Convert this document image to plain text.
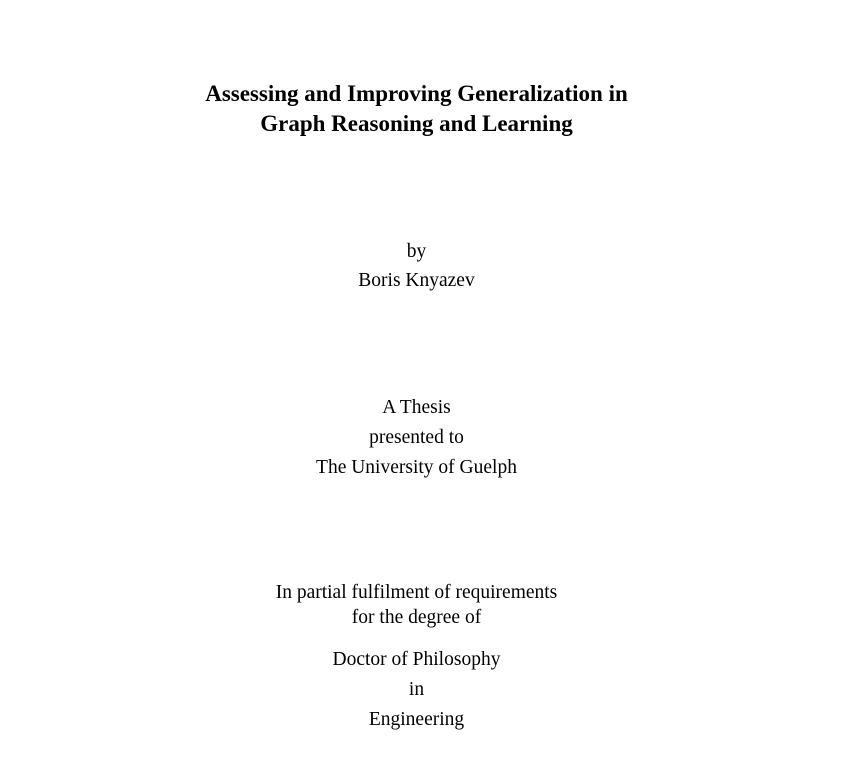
Assessing and Improving Generalization in
Graph Reasoning and Learning
by
Boris Knyazev
A Thesis
presented to
The University of Guelph
In partial fulfilment of requirements
for the degree of
Doctor of Philosophy
in
Engineering
